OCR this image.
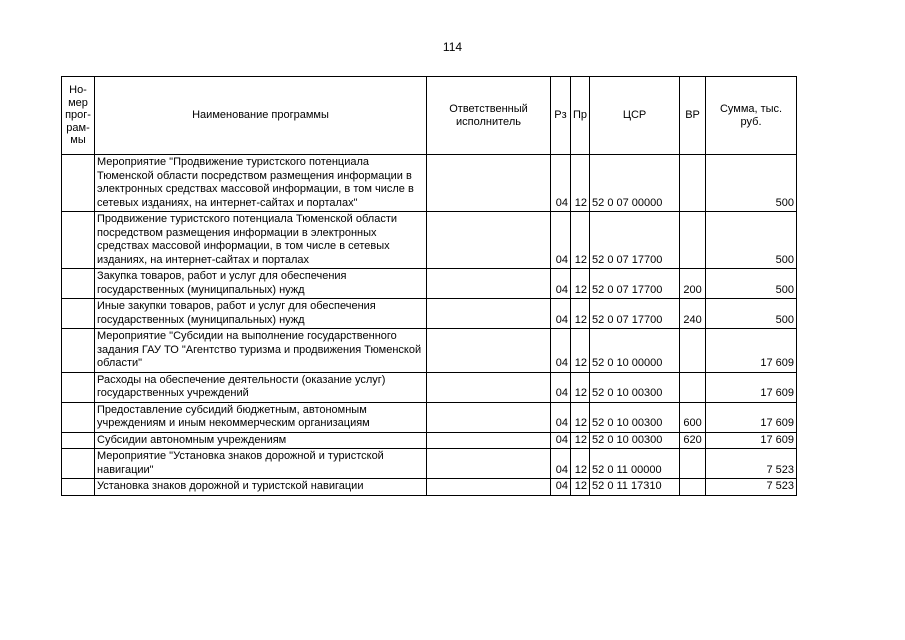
114
Но-мер прог-рам-мы	Наименование программы	Ответственный исполнитель	Рз	Пр	ЦСР	ВР	Сумма, тыс. руб.
	Мероприятие "Продвижение туристского потенциала Тюменской области посредством размещения информации в электронных средствах массовой информации, в том числе в сетевых изданиях, на интернет-сайтах и порталах"		04	12	52 0 07 00000		500
	Продвижение туристского потенциала Тюменской области посредством размещения информации в электронных средствах массовой информации, в том числе в сетевых изданиях, на интернет-сайтах и порталах		04	12	52 0 07 17700		500
	Закупка товаров, работ и услуг для обеспечения государственных (муниципальных) нужд		04	12	52 0 07 17700	200	500
	Иные закупки товаров, работ и услуг для обеспечения государственных (муниципальных) нужд		04	12	52 0 07 17700	240	500
	Мероприятие "Субсидии на выполнение государственного задания ГАУ ТО "Агентство туризма и продвижения Тюменской области"		04	12	52 0 10 00000		17 609
	Расходы на обеспечение деятельности (оказание услуг) государственных учреждений		04	12	52 0 10 00300		17 609
	Предоставление субсидий бюджетным, автономным учреждениям и иным некоммерческим организациям		04	12	52 0 10 00300	600	17 609
	Субсидии автономным учреждениям		04	12	52 0 10 00300	620	17 609
	Мероприятие "Установка знаков дорожной и туристской навигации"		04	12	52 0 11 00000		7 523
	Установка знаков дорожной и туристской навигации		04	12	52 0 11 17310		7 523
